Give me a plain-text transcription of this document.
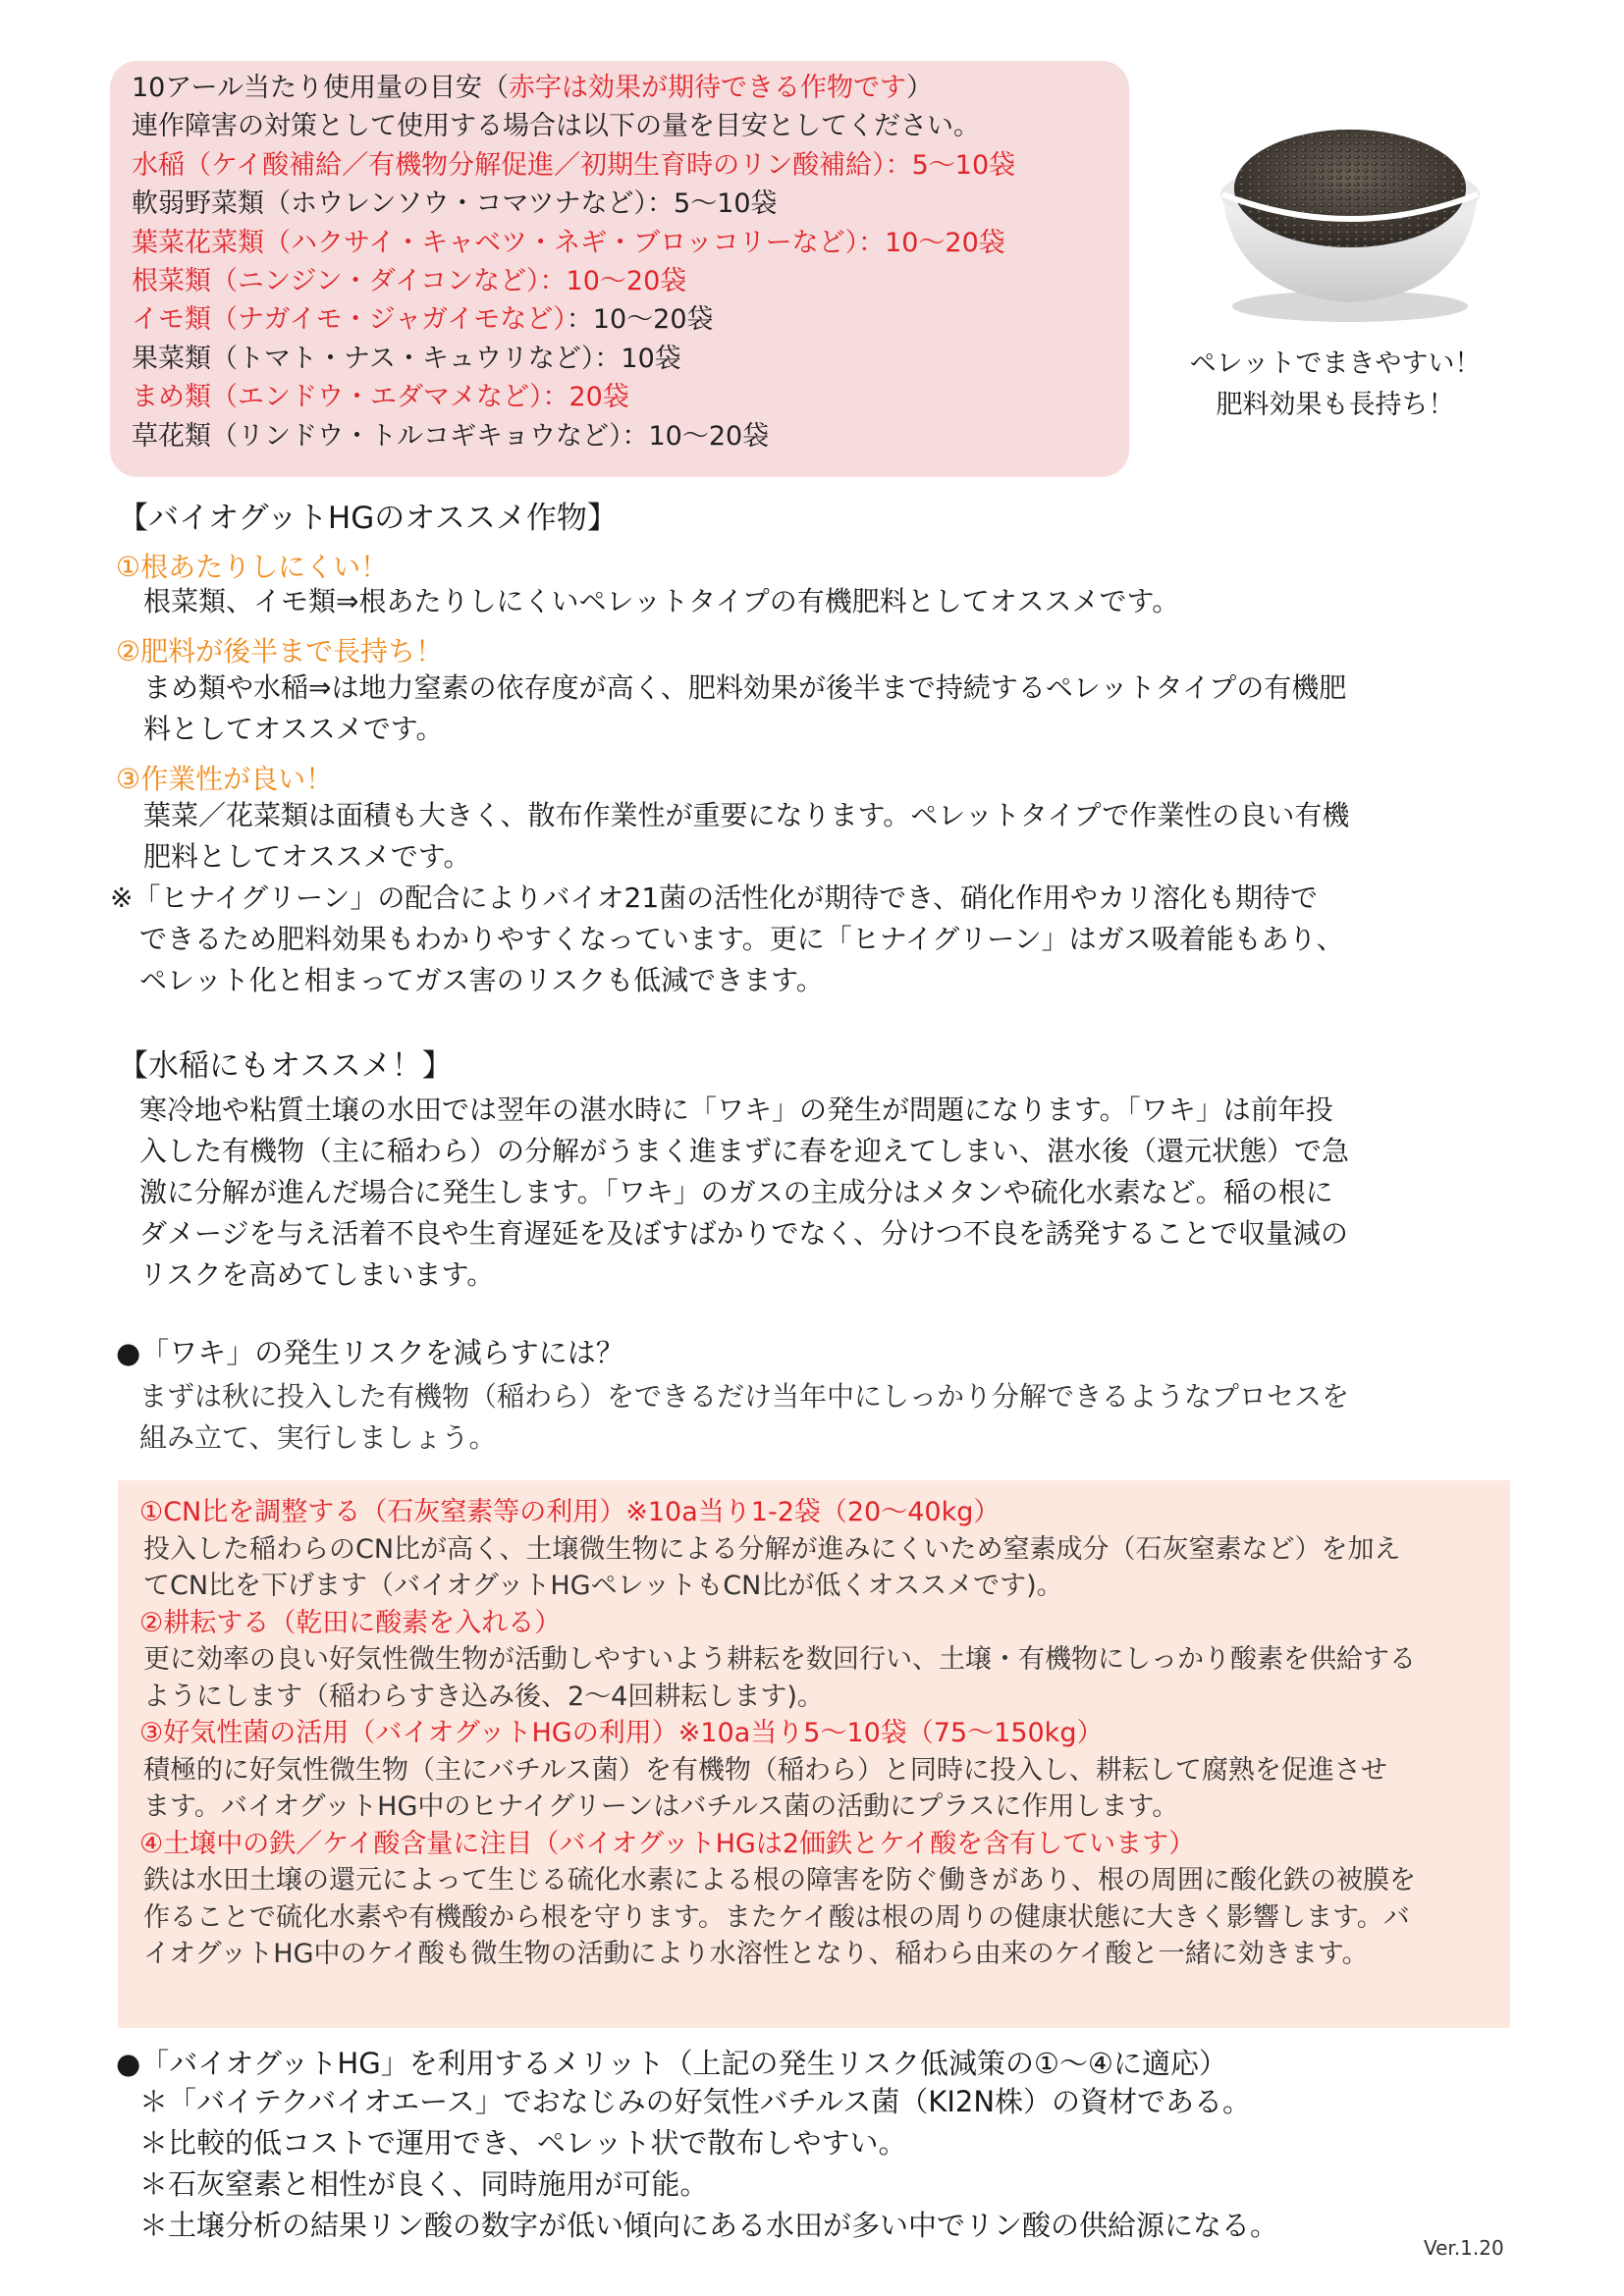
10アール当たり使用量の目安（赤字は効果が期待できる作物です）
連作障害の対策として使用する場合は以下の量を目安としてください。
水稲（ケイ酸補給／有機物分解促進／初期生育時のリン酸補給）：5～10袋
軟弱野菜類（ホウレンソウ・コマツナなど）：5～10袋
葉菜花菜類（ハクサイ・キャベツ・ネギ・ブロッコリーなど）：10～20袋
根菜類（ニンジン・ダイコンなど）：10～20袋
イモ類（ナガイモ・ジャガイモなど）：10～20袋
果菜類（トマト・ナス・キュウリなど）：10袋
まめ類（エンドウ・エダマメなど）：20袋
草花類（リンドウ・トルコギキョウなど）：10～20袋
ペレットでまきやすい！
肥料効果も長持ち！
【バイオグットHGのオススメ作物】
①根あたりしにくい！
根菜類、イモ類⇒根あたりしにくいペレットタイプの有機肥料としてオススメです。
②肥料が後半まで長持ち！
まめ類や水稲⇒は地力窒素の依存度が高く、肥料効果が後半まで持続するペレットタイプの有機肥
料としてオススメです。
③作業性が良い！
葉菜／花菜類は面積も大きく、散布作業性が重要になります。ペレットタイプで作業性の良い有機
肥料としてオススメです。
※「ヒナイグリーン」の配合によりバイオ21菌の活性化が期待でき、硝化作用やカリ溶化も期待で
できるため肥料効果もわかりやすくなっています。更に「ヒナイグリーン」はガス吸着能もあり、
ペレット化と相まってガス害のリスクも低減できます。
【水稲にもオススメ！】
寒冷地や粘質土壌の水田では翌年の湛水時に「ワキ」の発生が問題になります。「ワキ」は前年投
入した有機物（主に稲わら）の分解がうまく進まずに春を迎えてしまい、湛水後（還元状態）で急
激に分解が進んだ場合に発生します。「ワキ」のガスの主成分はメタンや硫化水素など。稲の根に
ダメージを与え活着不良や生育遅延を及ぼすばかりでなく、分けつ不良を誘発することで収量減の
リスクを高めてしまいます。
●「ワキ」の発生リスクを減らすには？
まずは秋に投入した有機物（稲わら）をできるだけ当年中にしっかり分解できるようなプロセスを
組み立て、実行しましょう。
①CN比を調整する（石灰窒素等の利用）※10a当り1-2袋（20～40kg）
投入した稲わらのCN比が高く、土壌微生物による分解が進みにくいため窒素成分（石灰窒素など）を加え
てCN比を下げます（バイオグットHGペレットもCN比が低くオススメです)。
②耕耘する（乾田に酸素を入れる）
更に効率の良い好気性微生物が活動しやすいよう耕耘を数回行い、土壌・有機物にしっかり酸素を供給する
ようにします（稲わらすき込み後、2～4回耕耘します)。
③好気性菌の活用（バイオグットHGの利用）※10a当り5～10袋（75～150kg）
積極的に好気性微生物（主にバチルス菌）を有機物（稲わら）と同時に投入し、耕耘して腐熟を促進させ
ます。バイオグットHG中のヒナイグリーンはバチルス菌の活動にプラスに作用します。
④土壌中の鉄／ケイ酸含量に注目（バイオグットHGは2価鉄とケイ酸を含有しています）
鉄は水田土壌の還元によって生じる硫化水素による根の障害を防ぐ働きがあり、根の周囲に酸化鉄の被膜を
作ることで硫化水素や有機酸から根を守ります。またケイ酸は根の周りの健康状態に大きく影響します。バ
イオグットHG中のケイ酸も微生物の活動により水溶性となり、稲わら由来のケイ酸と一緒に効きます。
●「バイオグットHG」を利用するメリット（上記の発生リスク低減策の①～④に適応）
＊「バイテクバイオエース」でおなじみの好気性バチルス菌（KI2N株）の資材である。
＊比較的低コストで運用でき、ペレット状で散布しやすい。
＊石灰窒素と相性が良く、同時施用が可能。
＊土壌分析の結果リン酸の数字が低い傾向にある水田が多い中でリン酸の供給源になる。
Ver.1.20
